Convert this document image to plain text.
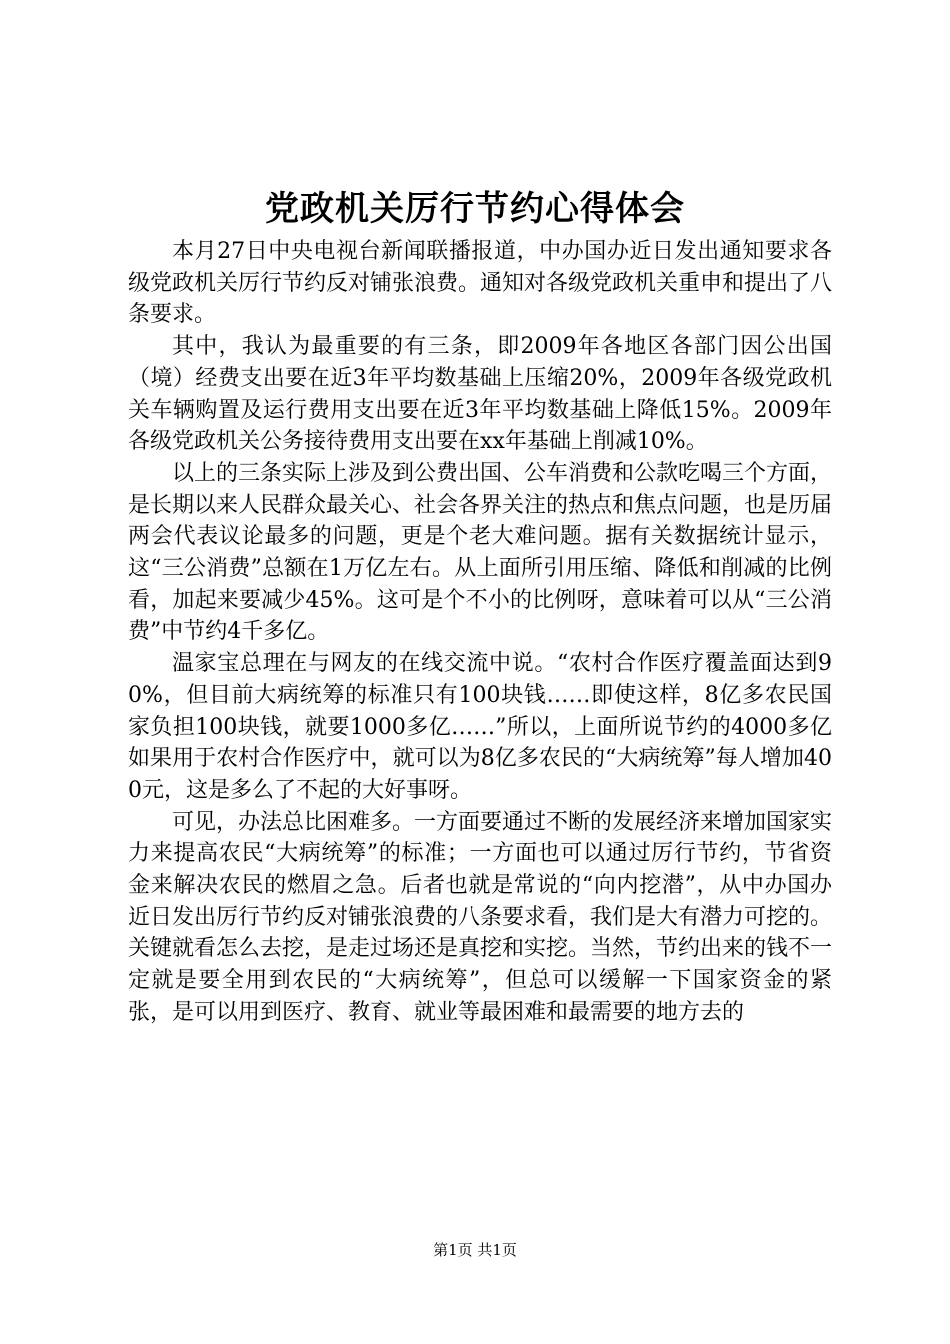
党政机关厉行节约心得体会

本月27日中央电视台新闻联播报道，中办国办近日发出通知要求各级党政机关厉行节约反对铺张浪费。通知对各级党政机关重申和提出了八条要求。

其中，我认为最重要的有三条，即2009年各地区各部门因公出国（境）经费支出要在近3年平均数基础上压缩20%，2009年各级党政机关车辆购置及运行费用支出要在近3年平均数基础上降低15%。2009年各级党政机关公务接待费用支出要在xx年基础上削减10%。

以上的三条实际上涉及到公费出国、公车消费和公款吃喝三个方面，是长期以来人民群众最关心、社会各界关注的热点和焦点问题，也是历届两会代表议论最多的问题，更是个老大难问题。据有关数据统计显示，这“三公消费”总额在1万亿左右。从上面所引用压缩、降低和削减的比例看，加起来要减少45%。这可是个不小的比例呀，意味着可以从“三公消费”中节约4千多亿。

温家宝总理在与网友的在线交流中说。“农村合作医疗覆盖面达到90%，但目前大病统筹的标准只有100块钱……即使这样，8亿多农民国家负担100块钱，就要1000多亿……”所以，上面所说节约的4000多亿如果用于农村合作医疗中，就可以为8亿多农民的“大病统筹”每人增加400元，这是多么了不起的大好事呀。

可见，办法总比困难多。一方面要通过不断的发展经济来增加国家实力来提高农民“大病统筹”的标准；一方面也可以通过厉行节约，节省资金来解决农民的燃眉之急。后者也就是常说的“向内挖潜”，从中办国办近日发出厉行节约反对铺张浪费的八条要求看，我们是大有潜力可挖的。关键就看怎么去挖，是走过场还是真挖和实挖。当然，节约出来的钱不一定就是要全用到农民的“大病统筹”，但总可以缓解一下国家资金的紧张，是可以用到医疗、教育、就业等最困难和最需要的地方去的

第1页 共1页
